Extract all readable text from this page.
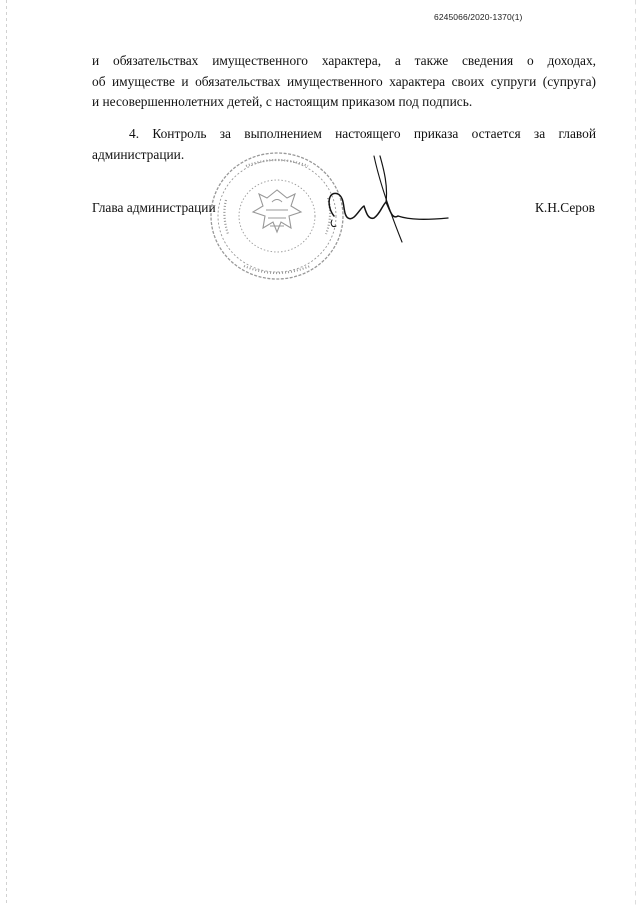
6245066/2020-1370(1)
и обязательствах имущественного характера, а также сведения о доходах,
об имуществе и обязательствах имущественного характера своих супруги (супруга)
и несовершеннолетних детей, с настоящим приказом под подпись.
4. Контроль за выполнением настоящего приказа остается за главой
администрации.
Глава администрации	К.Н.Серов
